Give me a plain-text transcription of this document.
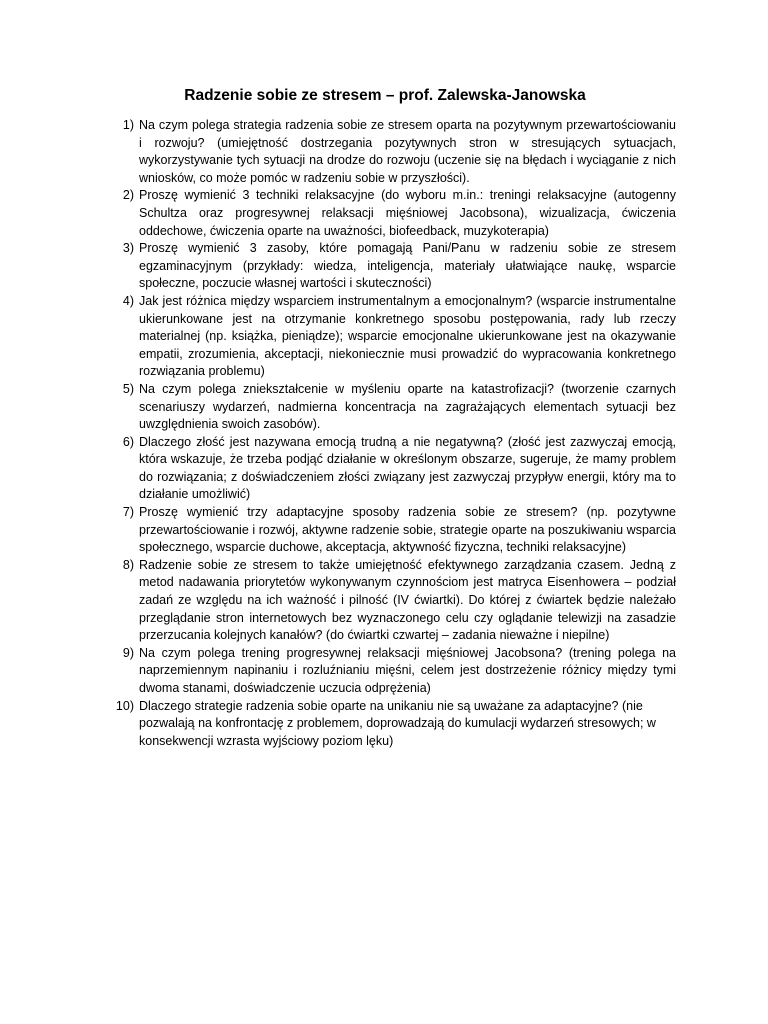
Radzenie sobie ze stresem – prof. Zalewska-Janowska
1) Na czym polega strategia radzenia sobie ze stresem oparta na pozytywnym przewartościowaniu i rozwoju? (umiejętność dostrzegania pozytywnych stron w stresujących sytuacjach, wykorzystywanie tych sytuacji na drodze do rozwoju (uczenie się na błędach i wyciąganie z nich wniosków, co może pomóc w radzeniu sobie w przyszłości).
2) Proszę wymienić 3 techniki relaksacyjne (do wyboru m.in.: treningi relaksacyjne (autogenny Schultza oraz progresywnej relaksacji mięśniowej Jacobsona), wizualizacja, ćwiczenia oddechowe, ćwiczenia oparte na uważności, biofeedback, muzykoterapia)
3) Proszę wymienić 3 zasoby, które pomagają Pani/Panu w radzeniu sobie ze stresem egzaminacyjnym (przykłady: wiedza, inteligencja, materiały ułatwiające naukę, wsparcie społeczne, poczucie własnej wartości i skuteczności)
4) Jak jest różnica między wsparciem instrumentalnym a emocjonalnym? (wsparcie instrumentalne ukierunkowane jest na otrzymanie konkretnego sposobu postępowania, rady lub rzeczy materialnej (np. książka, pieniądze); wsparcie emocjonalne ukierunkowane jest na okazywanie empatii, zrozumienia, akceptacji, niekoniecznie musi prowadzić do wypracowania konkretnego rozwiązania problemu)
5) Na czym polega zniekształcenie w myśleniu oparte na katastrofizacji? (tworzenie czarnych scenariuszy wydarzeń, nadmierna koncentracja na zagrażających elementach sytuacji bez uwzględnienia swoich zasobów).
6) Dlaczego złość jest nazywana emocją trudną a nie negatywną? (złość jest zazwyczaj emocją, która wskazuje, że trzeba podjąć działanie w określonym obszarze, sugeruje, że mamy problem do rozwiązania; z doświadczeniem złości związany jest zazwyczaj przypływ energii, który ma to działanie umożliwić)
7) Proszę wymienić trzy adaptacyjne sposoby radzenia sobie ze stresem? (np. pozytywne przewartościowanie i rozwój, aktywne radzenie sobie, strategie oparte na poszukiwaniu wsparcia społecznego, wsparcie duchowe, akceptacja, aktywność fizyczna, techniki relaksacyjne)
8) Radzenie sobie ze stresem to także umiejętność efektywnego zarządzania czasem. Jedną z metod nadawania priorytetów wykonywanym czynnościom jest matryca Eisenhowera – podział zadań ze względu na ich ważność i pilność (IV ćwiartki). Do której z ćwiartek będzie należało przeglądanie stron internetowych bez wyznaczonego celu czy oglądanie telewizji na zasadzie przerzucania kolejnych kanałów? (do ćwiartki czwartej – zadania nieważne i niepilne)
9) Na czym polega trening progresywnej relaksacji mięśniowej Jacobsona? (trening polega na naprzemiennym napinaniu i rozluźnianiu mięśni, celem jest dostrzeżenie różnicy między tymi dwoma stanami, doświadczenie uczucia odprężenia)
10) Dlaczego strategie radzenia sobie oparte na unikaniu nie są uważane za adaptacyjne? (nie pozwalają na konfrontację z problemem, doprowadzają do kumulacji wydarzeń stresowych; w konsekwencji wzrasta wyjściowy poziom lęku)
